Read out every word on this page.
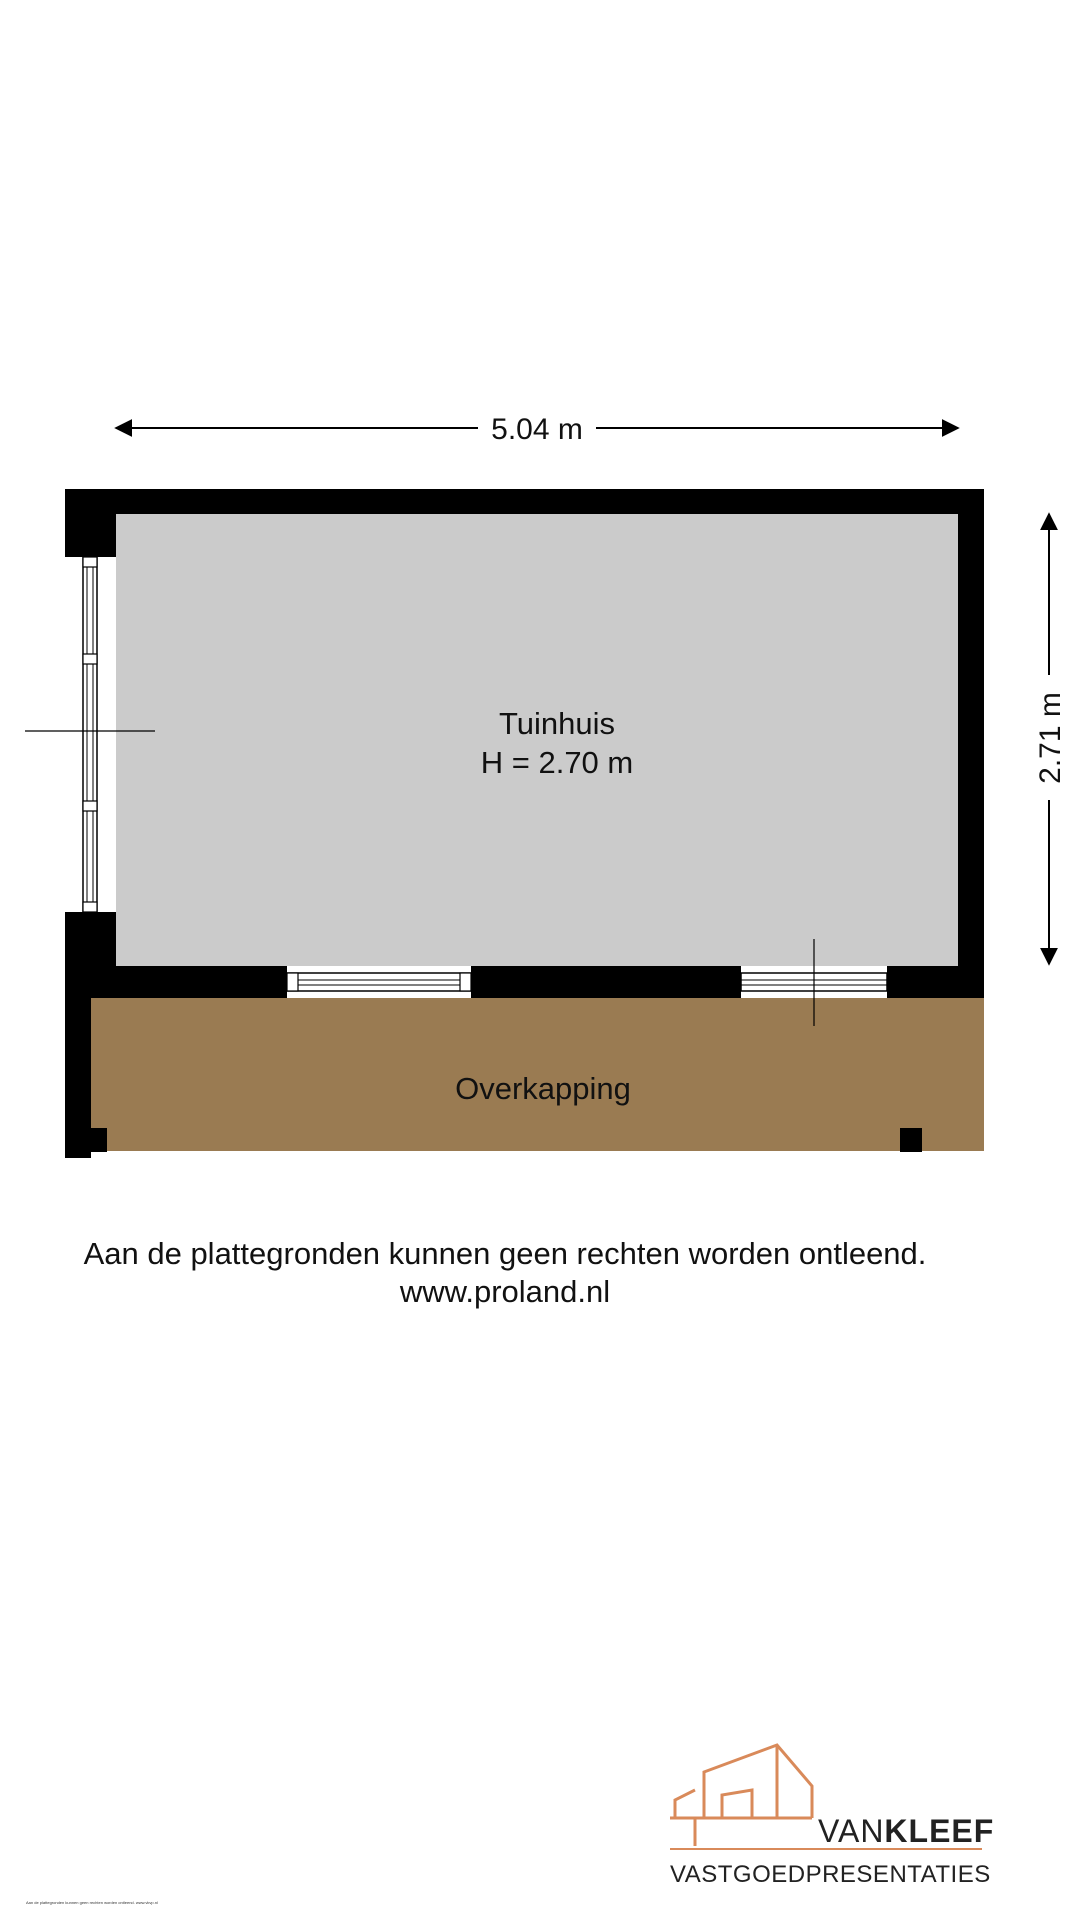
5.04 m
2.71 m
Tuinhuis
H = 2.70 m
Overkapping
VANKLEEF
VASTGOEDPRESENTATIES
Aan de plattegronden kunnen geen rechten worden ontleend.
www.proland.nl
Aan de plattegronden kunnen geen rechten worden ontleend. www.vkvp.nl
